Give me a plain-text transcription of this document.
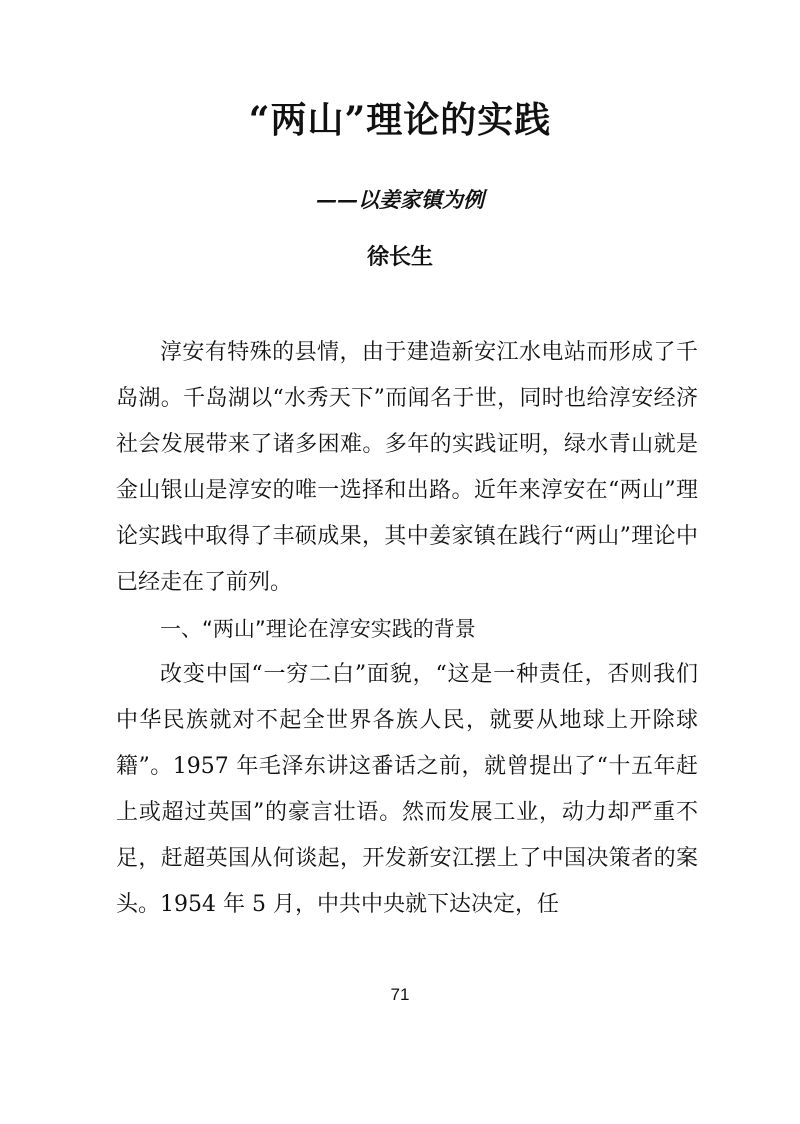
“两山”理论的实践
——以姜家镇为例
徐长生

淳安有特殊的县情，由于建造新安江水电站而形成了千岛湖。千岛湖以“水秀天下”而闻名于世，同时也给淳安经济社会发展带来了诸多困难。多年的实践证明，绿水青山就是金山银山是淳安的唯一选择和出路。近年来淳安在“两山”理论实践中取得了丰硕成果，其中姜家镇在践行“两山”理论中已经走在了前列。

一、“两山”理论在淳安实践的背景

改变中国“一穷二白”面貌，“这是一种责任，否则我们中华民族就对不起全世界各族人民，就要从地球上开除球籍”。1957 年毛泽东讲这番话之前，就曾提出了“十五年赶上或超过英国”的豪言壮语。然而发展工业，动力却严重不足，赶超英国从何谈起，开发新安江摆上了中国决策者的案头。1954 年 5 月，中共中央就下达决定，任

71
